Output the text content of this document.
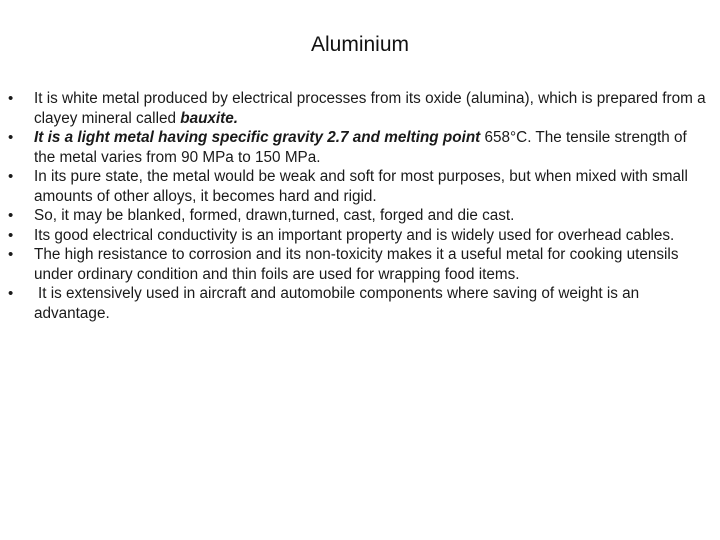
Aluminium
•	It is white metal produced by electrical processes from its oxide (alumina), which is prepared from a clayey mineral called bauxite.
•	It is a light metal having specific gravity 2.7 and melting point 658°C. The tensile strength of the metal varies from 90 MPa to 150 MPa.
•	In its pure state, the metal would be weak and soft for most purposes, but when mixed with small amounts of other alloys, it becomes hard and rigid.
•	So, it may be blanked, formed, drawn,turned, cast, forged and die cast.
•	Its good electrical conductivity is an important property and is widely used for overhead cables.
•	The high resistance to corrosion and its non-toxicity makes it a useful metal for cooking utensils under ordinary condition and thin foils are used for wrapping food items.
•	It is extensively used in aircraft and automobile components where saving of weight is an advantage.
